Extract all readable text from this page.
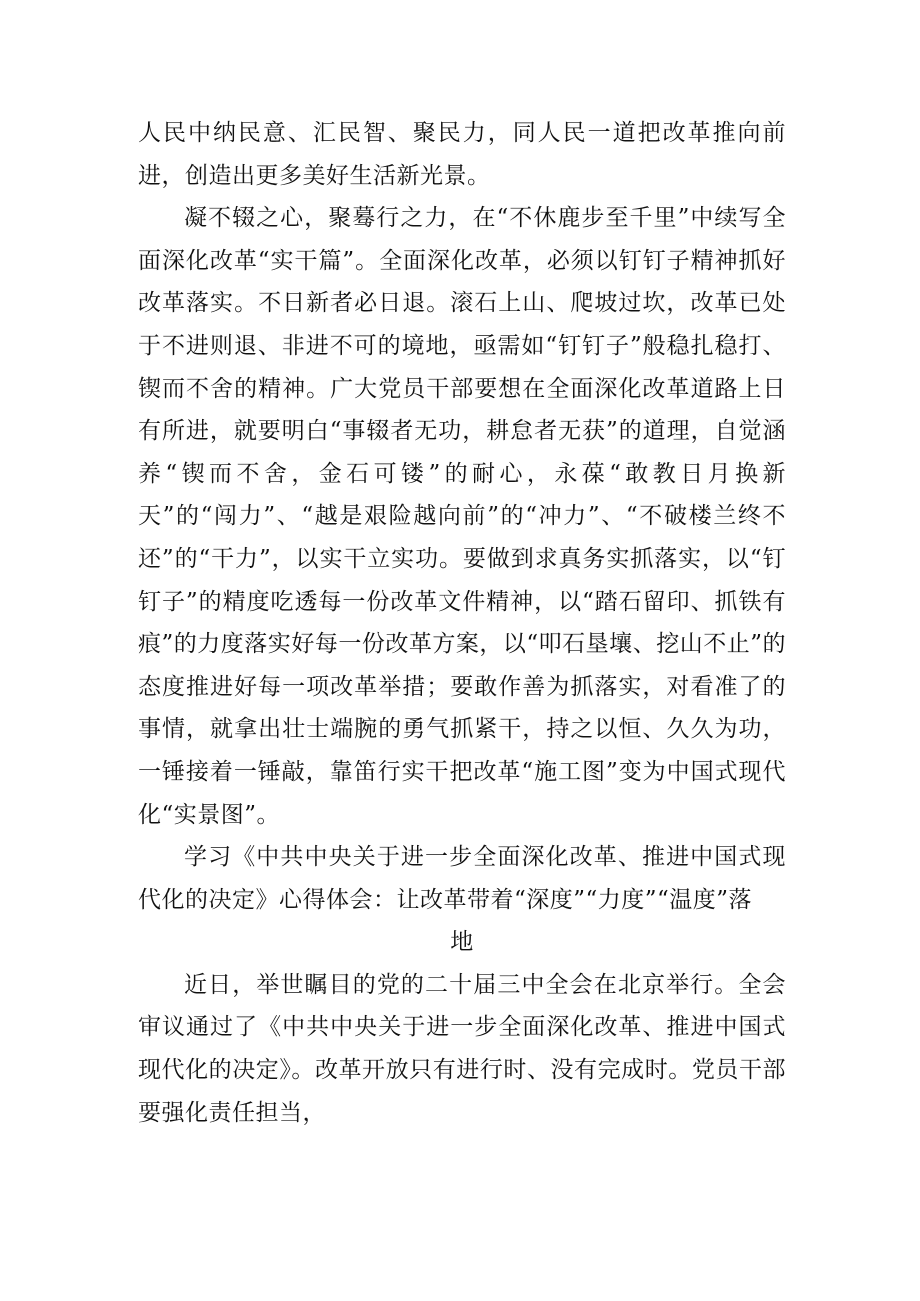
人民中纳民意、汇民智、聚民力，同人民一道把改革推向前进，创造出更多美好生活新光景。

凝不辍之心，聚蓦行之力，在“不休鹿步至千里”中续写全面深化改革“实干篇”。全面深化改革，必须以钉钉子精神抓好改革落实。不日新者必日退。滚石上山、爬坡过坎，改革已处于不进则退、非进不可的境地，亟需如“钉钉子”般稳扎稳打、锲而不舍的精神。广大党员干部要想在全面深化改革道路上日有所进，就要明白“事辍者无功，耕怠者无获”的道理，自觉涵养“锲而不舍，金石可镂”的耐心，永葆“敢教日月换新天”的“闯力”、“越是艰险越向前”的“冲力”、“不破楼兰终不还”的“干力”，以实干立实功。要做到求真务实抓落实，以“钉钉子”的精度吃透每一份改革文件精神，以“踏石留印、抓铁有痕”的力度落实好每一份改革方案，以“叩石垦壤、挖山不止”的态度推进好每一项改革举措；要敢作善为抓落实，对看准了的事情，就拿出壮士端腕的勇气抓紧干，持之以恒、久久为功，一锤接着一锤敲，靠笛行实干把改革“施工图”变为中国式现代化“实景图”。

学习《中共中央关于进一步全面深化改革、推进中国式现代化的决定》心得体会：让改革带着“深度”“力度”“温度”落

地

近日，举世瞩目的党的二十届三中全会在北京举行。全会审议通过了《中共中央关于进一步全面深化改革、推进中国式现代化的决定》。改革开放只有进行时、没有完成时。党员干部要强化责任担当，
